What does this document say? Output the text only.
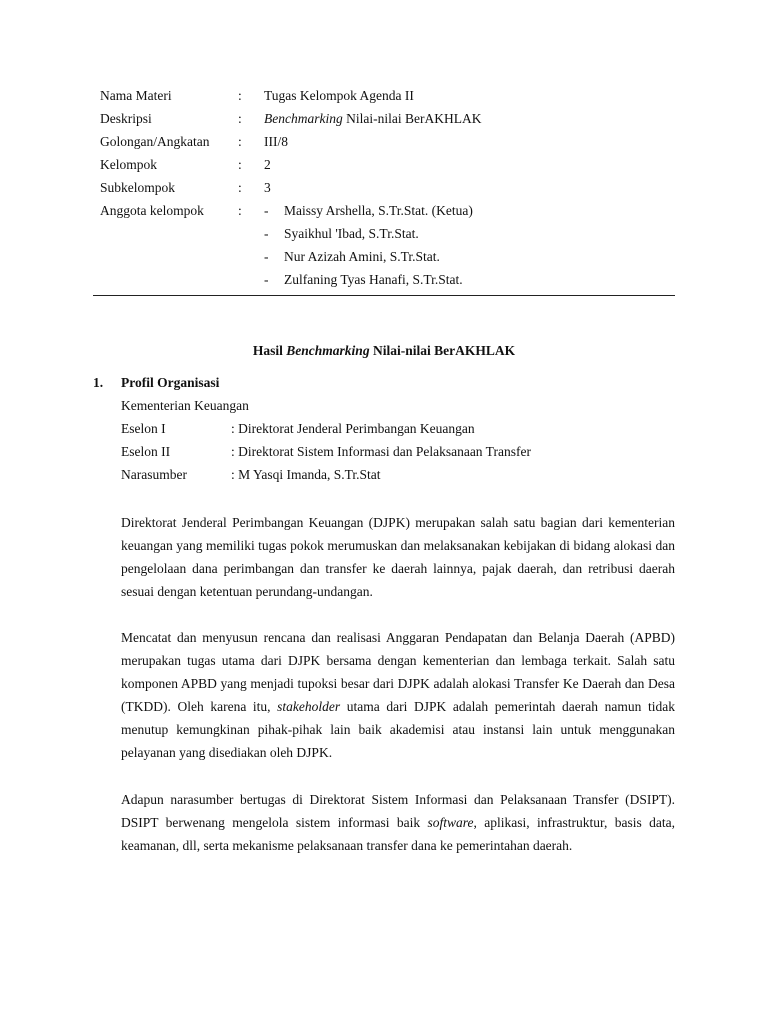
Nama Materi	: Tugas Kelompok Agenda II
Deskripsi	: Benchmarking Nilai-nilai BerAKHLAK
Golongan/Angkatan : III/8
Kelompok	: 2
Subkelompok	: 3
Anggota kelompok	: - Maissy Arshella, S.Tr.Stat. (Ketua)
- Syaikhul 'Ibad, S.Tr.Stat.
- Nur Azizah Amini, S.Tr.Stat.
- Zulfaning Tyas Hanafi, S.Tr.Stat.
Hasil Benchmarking Nilai-nilai BerAKHLAK
1. Profil Organisasi
Kementerian Keuangan
Eselon I	: Direktorat Jenderal Perimbangan Keuangan
Eselon II	: Direktorat Sistem Informasi dan Pelaksanaan Transfer
Narasumber	: M Yasqi Imanda, S.Tr.Stat

Direktorat Jenderal Perimbangan Keuangan (DJPK) merupakan salah satu bagian dari kementerian keuangan yang memiliki tugas pokok merumuskan dan melaksanakan kebijakan di bidang alokasi dan pengelolaan dana perimbangan dan transfer ke daerah lainnya, pajak daerah, dan retribusi daerah sesuai dengan ketentuan perundang-undangan.

Mencatat dan menyusun rencana dan realisasi Anggaran Pendapatan dan Belanja Daerah (APBD) merupakan tugas utama dari DJPK bersama dengan kementerian dan lembaga terkait. Salah satu komponen APBD yang menjadi tupoksi besar dari DJPK adalah alokasi Transfer Ke Daerah dan Desa (TKDD). Oleh karena itu, stakeholder utama dari DJPK adalah pemerintah daerah namun tidak menutup kemungkinan pihak-pihak lain baik akademisi atau instansi lain untuk menggunakan pelayanan yang disediakan oleh DJPK.

Adapun narasumber bertugas di Direktorat Sistem Informasi dan Pelaksanaan Transfer (DSIPT). DSIPT berwenang mengelola sistem informasi baik software, aplikasi, infrastruktur, basis data, keamanan, dll, serta mekanisme pelaksanaan transfer dana ke pemerintahan daerah.
